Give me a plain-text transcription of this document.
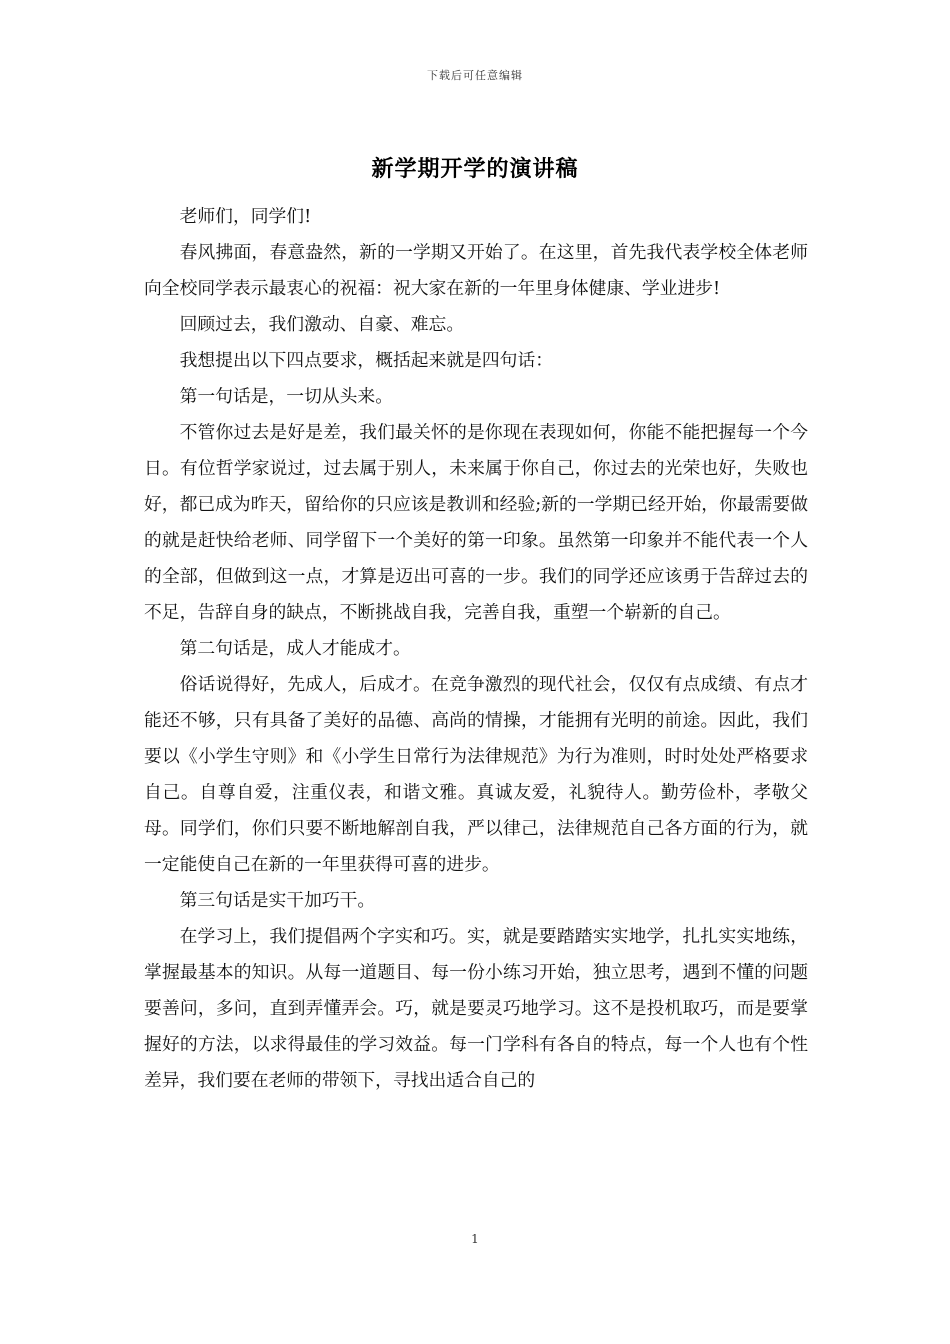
下载后可任意编辑
新学期开学的演讲稿

老师们，同学们!

春风拂面，春意盎然，新的一学期又开始了。在这里，首先我代表学校全体老师向全校同学表示最衷心的祝福：祝大家在新的一年里身体健康、学业进步!

回顾过去，我们激动、自豪、难忘。

我想提出以下四点要求，概括起来就是四句话：

第一句话是，一切从头来。

不管你过去是好是差，我们最关怀的是你现在表现如何，你能不能把握每一个今日。有位哲学家说过，过去属于别人，未来属于你自己，你过去的光荣也好，失败也好，都已成为昨天，留给你的只应该是教训和经验;新的一学期已经开始，你最需要做的就是赶快给老师、同学留下一个美好的第一印象。虽然第一印象并不能代表一个人的全部，但做到这一点，才算是迈出可喜的一步。我们的同学还应该勇于告辞过去的不足，告辞自身的缺点，不断挑战自我，完善自我，重塑一个崭新的自己。

第二句话是，成人才能成才。

俗话说得好，先成人，后成才。在竞争激烈的现代社会，仅仅有点成绩、有点才能还不够，只有具备了美好的品德、高尚的情操，才能拥有光明的前途。因此，我们要以《小学生守则》和《小学生日常行为法律规范》为行为准则，时时处处严格要求自己。自尊自爱，注重仪表，和谐文雅。真诚友爱，礼貌待人。勤劳俭朴，孝敬父母。同学们，你们只要不断地解剖自我，严以律己，法律规范自己各方面的行为，就一定能使自己在新的一年里获得可喜的进步。

第三句话是实干加巧干。

在学习上，我们提倡两个字实和巧。实，就是要踏踏实实地学，扎扎实实地练，掌握最基本的知识。从每一道题目、每一份小练习开始，独立思考，遇到不懂的问题要善问，多问，直到弄懂弄会。巧，就是要灵巧地学习。这不是投机取巧，而是要掌握好的方法，以求得最佳的学习效益。每一门学科有各自的特点，每一个人也有个性差异，我们要在老师的带领下，寻找出适合自己的

1
